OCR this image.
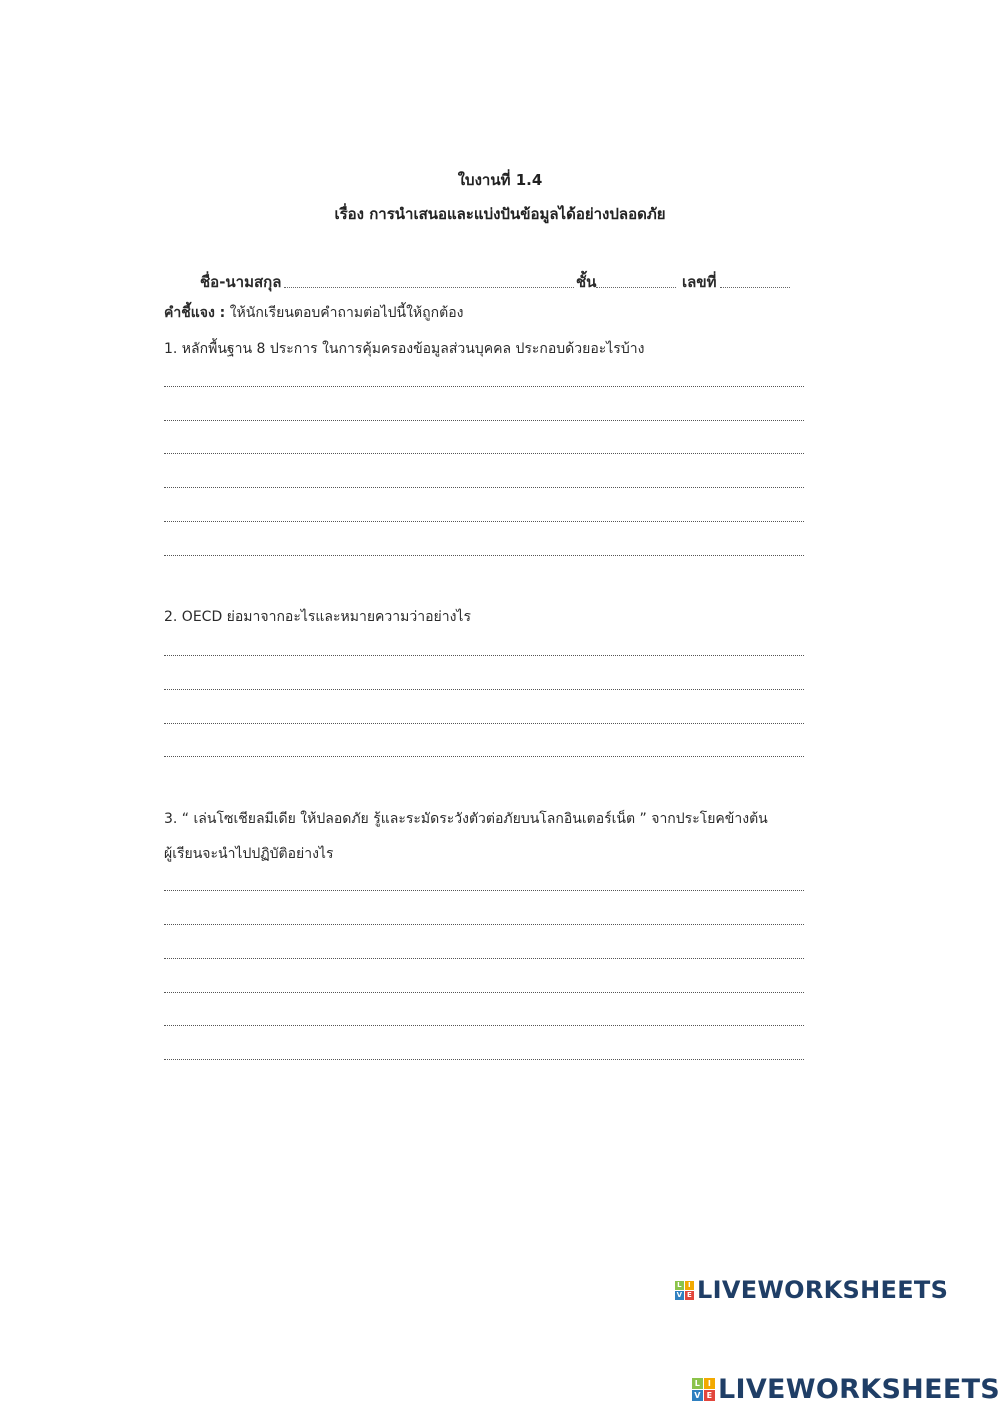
ใบงานที่ 1.4
เรื่อง การนำเสนอและแบ่งปันข้อมูลได้อย่างปลอดภัย
ชื่อ-นามสกุล	ชั้น	เลขที่
คำชี้แจง : ให้นักเรียนตอบคำถามต่อไปนี้ให้ถูกต้อง
1. หลักพื้นฐาน 8 ประการ ในการคุ้มครองข้อมูลส่วนบุคคล ประกอบด้วยอะไรบ้าง
2. OECD ย่อมาจากอะไรและหมายความว่าอย่างไร
3. “ เล่นโซเชียลมีเดีย ให้ปลอดภัย รู้และระมัดระวังตัวต่อภัยบนโลกอินเตอร์เน็ต ” จากประโยคข้างต้น
ผู้เรียนจะนำไปปฏิบัติอย่างไร
L I
V E LIVEWORKSHEETS
L I
V E LIVEWORKSHEETS
